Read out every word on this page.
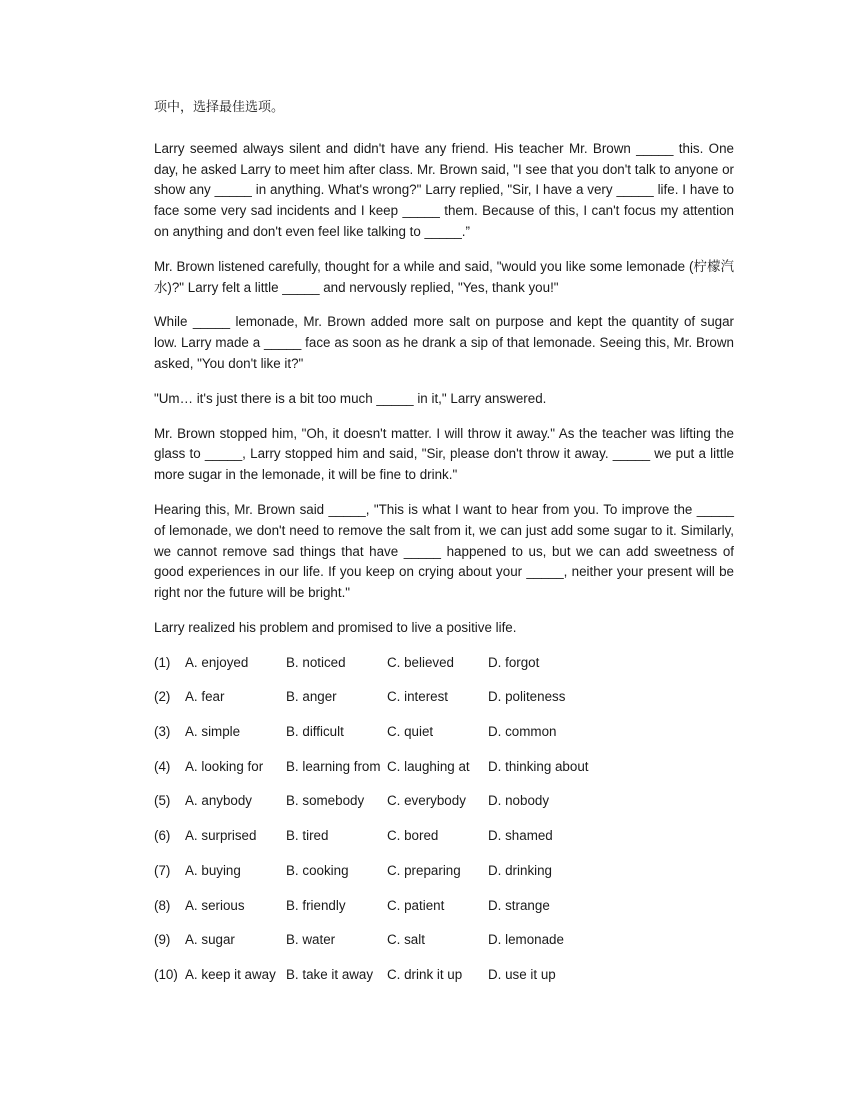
项中，选择最佳选项。

Larry seemed always silent and didn't have any friend. His teacher Mr. Brown _____ this. One day, he asked Larry to meet him after class. Mr. Brown said, "I see that you don't talk to anyone or show any _____ in anything. What's wrong?" Larry replied, "Sir, I have a very _____ life. I have to face some very sad incidents and I keep _____ them. Because of this, I can't focus my attention on anything and don't even feel like talking to _____.”

Mr. Brown listened carefully, thought for a while and said, "would you like some lemonade (柠檬汽水)?" Larry felt a little _____ and nervously replied, "Yes, thank you!"

While _____ lemonade, Mr. Brown added more salt on purpose and kept the quantity of sugar low. Larry made a _____ face as soon as he drank a sip of that lemonade. Seeing this, Mr. Brown asked, "You don't like it?"

"Um… it's just there is a bit too much _____ in it," Larry answered.

Mr. Brown stopped him, "Oh, it doesn't matter. I will throw it away." As the teacher was lifting the glass to _____, Larry stopped him and said, "Sir, please don't throw it away. _____ we put a little more sugar in the lemonade, it will be fine to drink."

Hearing this, Mr. Brown said _____, "This is what I want to hear from you. To improve the _____ of lemonade, we don't need to remove the salt from it, we can just add some sugar to it. Similarly, we cannot remove sad things that have _____ happened to us, but we can add sweetness of good experiences in our life. If you keep on crying about your _____, neither your present will be right nor the future will be bright."

Larry realized his problem and promised to live a positive life.

(1)	A. enjoyed	B. noticed	C. believed	D. forgot
(2)	A. fear	B. anger	C. interest	D. politeness
(3)	A. simple	B. difficult	C. quiet	D. common
(4)	A. looking for	B. learning from C. laughing at	D. thinking about
(5)	A. anybody	B. somebody	C. everybody	D. nobody
(6)	A. surprised	B. tired	C. bored	D. shamed
(7)	A. buying	B. cooking	C. preparing	D. drinking
(8)	A. serious	B. friendly	C. patient	D. strange
(9)	A. sugar	B. water	C. salt	D. lemonade
(10) A. keep it away B. take it away	C. drink it up	D. use it up
